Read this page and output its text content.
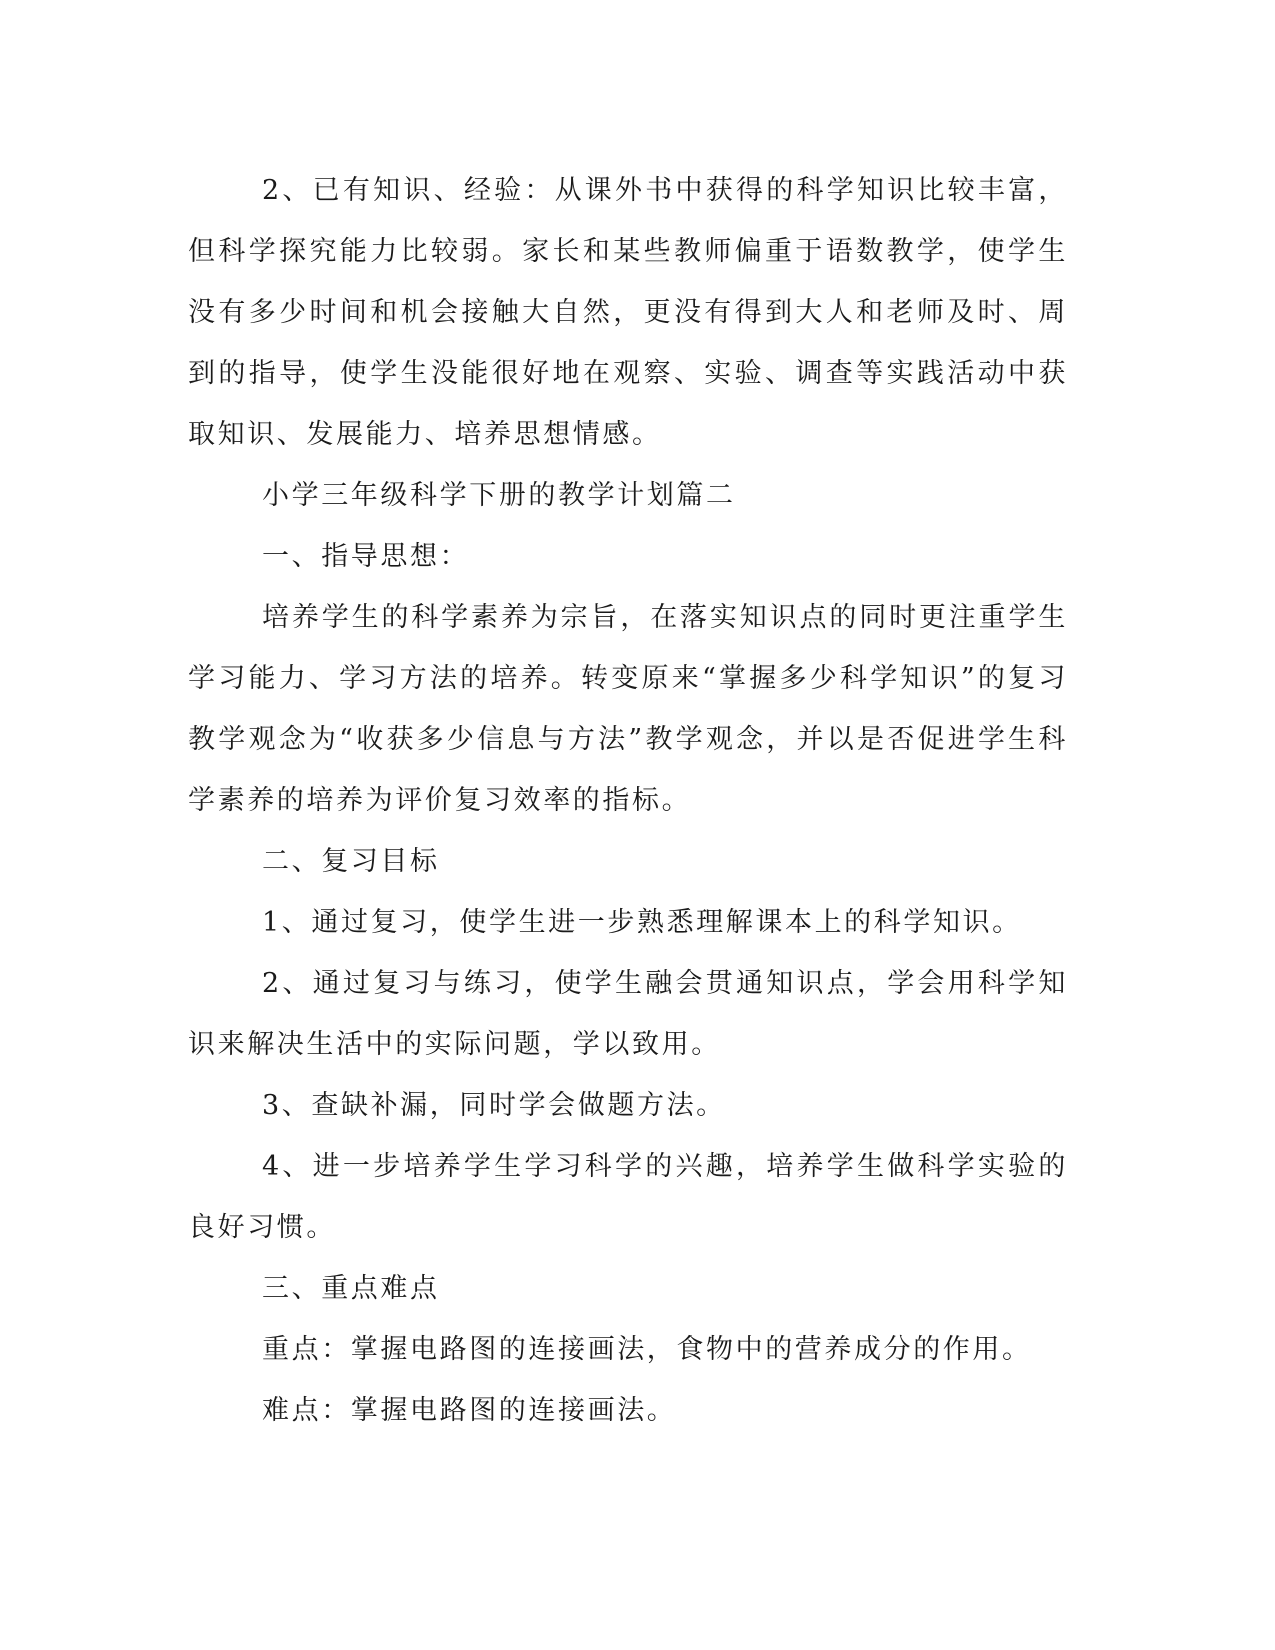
2、已有知识、经验：从课外书中获得的科学知识比较丰富，但科学探究能力比较弱。家长和某些教师偏重于语数教学，使学生没有多少时间和机会接触大自然，更没有得到大人和老师及时、周到的指导，使学生没能很好地在观察、实验、调查等实践活动中获取知识、发展能力、培养思想情感。

小学三年级科学下册的教学计划篇二

一、指导思想：

培养学生的科学素养为宗旨，在落实知识点的同时更注重学生学习能力、学习方法的培养。转变原来“掌握多少科学知识”的复习教学观念为“收获多少信息与方法”教学观念，并以是否促进学生科学素养的培养为评价复习效率的指标。

二、复习目标

1、通过复习，使学生进一步熟悉理解课本上的科学知识。

2、通过复习与练习，使学生融会贯通知识点，学会用科学知识来解决生活中的实际问题，学以致用。

3、查缺补漏，同时学会做题方法。

4、进一步培养学生学习科学的兴趣，培养学生做科学实验的良好习惯。

三、重点难点

重点：掌握电路图的连接画法，食物中的营养成分的作用。

难点：掌握电路图的连接画法。
